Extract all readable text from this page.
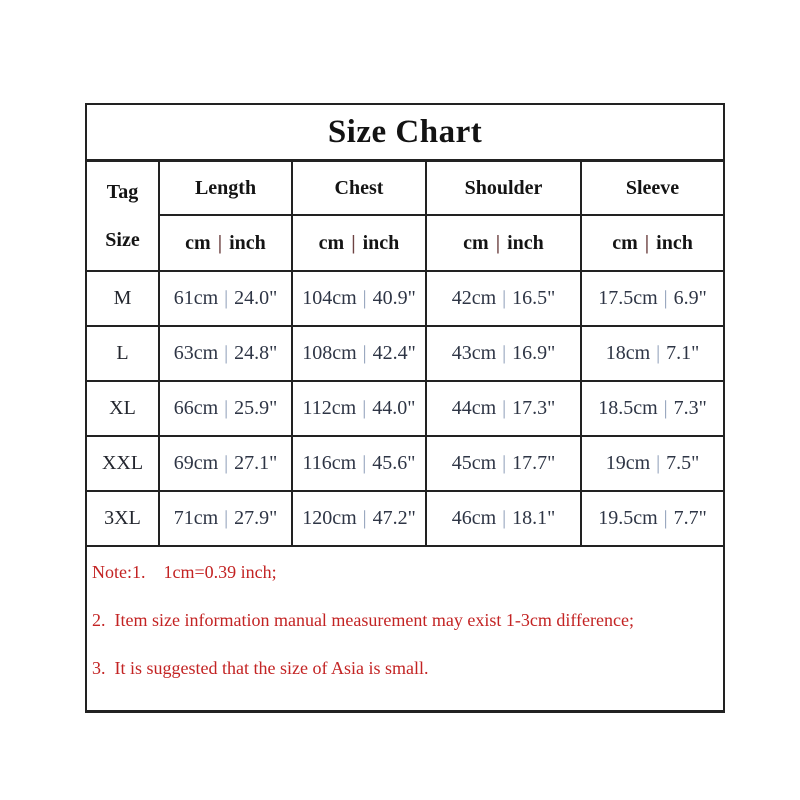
Size Chart				

Tag
Size	Length	Chest	Shoulder	Sleeve
	cm | inch	cm | inch	cm | inch	cm | inch
M	61cm | 24.0"	104cm | 40.9"	42cm | 16.5"	17.5cm | 6.9"
L	63cm | 24.8"	108cm | 42.4"	43cm | 16.9"	18cm | 7.1"
XL	66cm | 25.9"	112cm | 44.0"	44cm | 17.3"	18.5cm | 7.3"
XXL	69cm | 27.1"	116cm | 45.6"	45cm | 17.7"	19cm | 7.5"
3XL	71cm | 27.9"	120cm | 47.2"	46cm | 18.1"	19.5cm | 7.7"

Note:1.    1cm=0.39 inch;

2.  Item size information manual measurement may exist 1-3cm difference;

3.  It is suggested that the size of Asia is small.				
